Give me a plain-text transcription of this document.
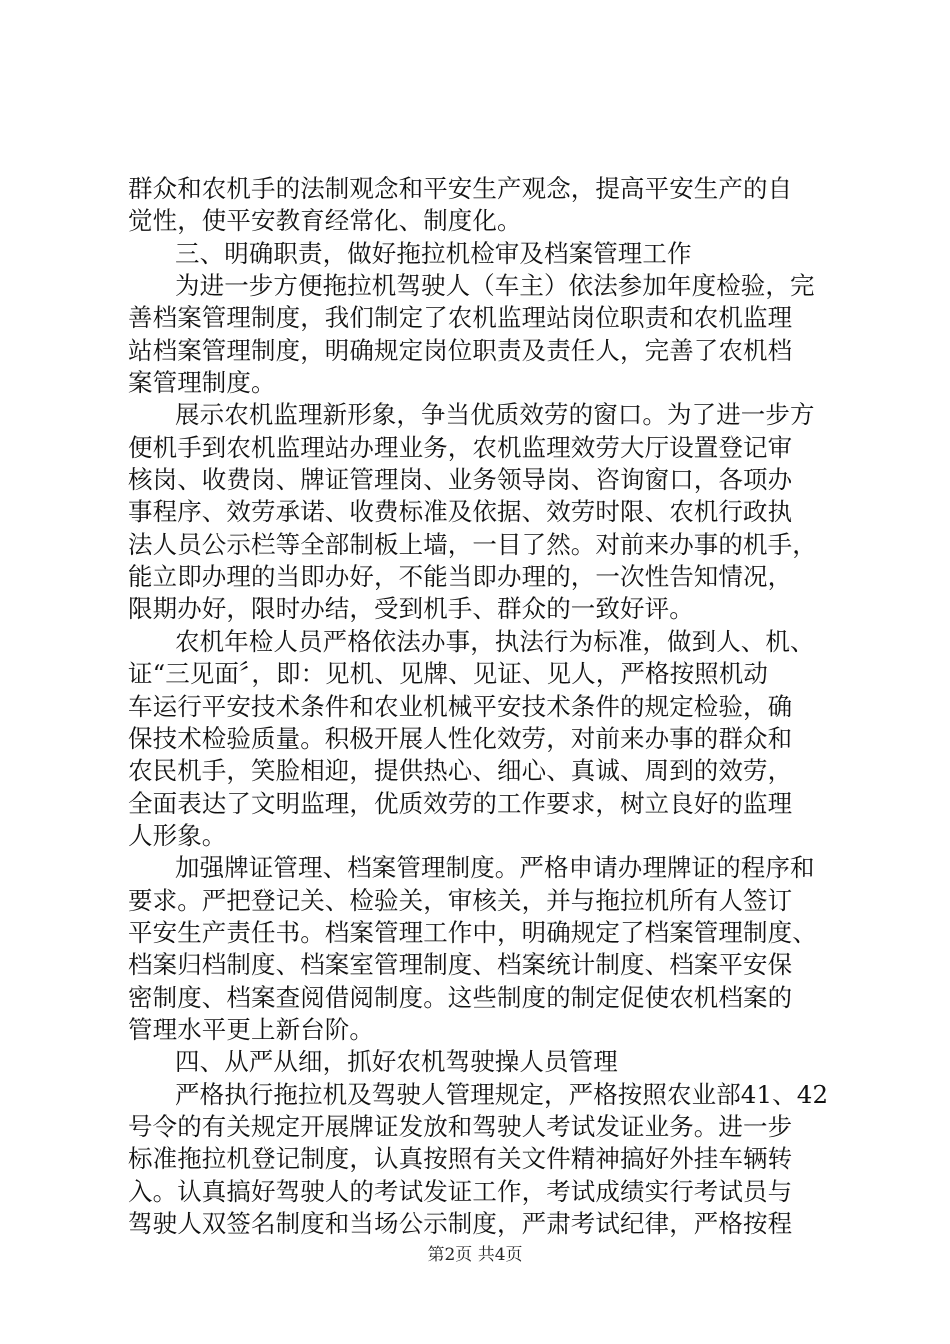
群众和农机手的法制观念和平安生产观念，提高平安生产的自
觉性，使平安教育经常化、制度化。
三、明确职责，做好拖拉机检审及档案管理工作
为进一步方便拖拉机驾驶人（车主）依法参加年度检验，完
善档案管理制度，我们制定了农机监理站岗位职责和农机监理
站档案管理制度，明确规定岗位职责及责任人，完善了农机档
案管理制度。
展示农机监理新形象，争当优质效劳的窗口。为了进一步方
便机手到农机监理站办理业务，农机监理效劳大厅设置登记审
核岗、收费岗、牌证管理岗、业务领导岗、咨询窗口，各项办
事程序、效劳承诺、收费标准及依据、效劳时限、农机行政执
法人员公示栏等全部制板上墙，一目了然。对前来办事的机手，
能立即办理的当即办好，不能当即办理的，一次性告知情况，
限期办好，限时办结，受到机手、群众的一致好评。
农机年检人员严格依法办事，执法行为标准，做到人、机、
证“三见面〞，即：见机、见牌、见证、见人，严格按照机动
车运行平安技术条件和农业机械平安技术条件的规定检验，确
保技术检验质量。积极开展人性化效劳，对前来办事的群众和
农民机手，笑脸相迎，提供热心、细心、真诚、周到的效劳，
全面表达了文明监理，优质效劳的工作要求，树立良好的监理
人形象。
加强牌证管理、档案管理制度。严格申请办理牌证的程序和
要求。严把登记关、检验关，审核关，并与拖拉机所有人签订
平安生产责任书。档案管理工作中，明确规定了档案管理制度、
档案归档制度、档案室管理制度、档案统计制度、档案平安保
密制度、档案查阅借阅制度。这些制度的制定促使农机档案的
管理水平更上新台阶。
四、从严从细，抓好农机驾驶操人员管理
严格执行拖拉机及驾驶人管理规定，严格按照农业部41、42
号令的有关规定开展牌证发放和驾驶人考试发证业务。进一步
标准拖拉机登记制度，认真按照有关文件精神搞好外挂车辆转
入。认真搞好驾驶人的考试发证工作，考试成绩实行考试员与
驾驶人双签名制度和当场公示制度，严肃考试纪律，严格按程
第2页 共4页
